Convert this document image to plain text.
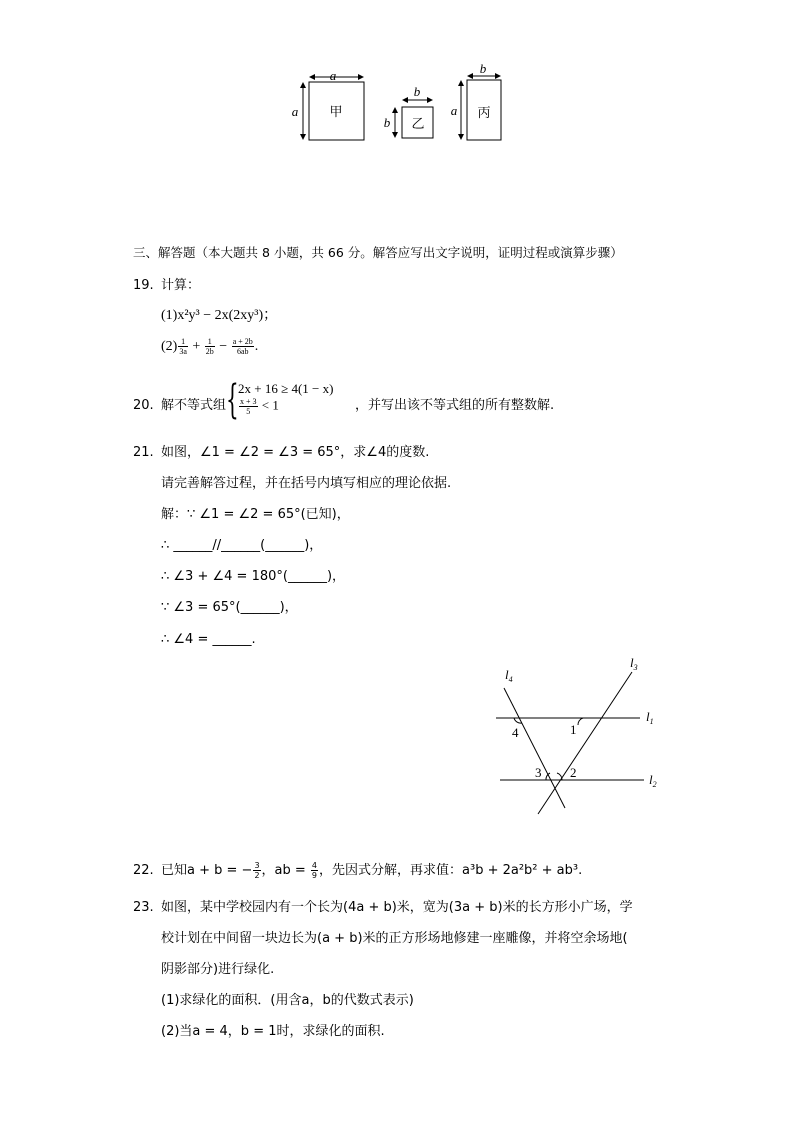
a
a 甲
b
b 乙
b
a 丙
三、解答题（本大题共 8 小题，共 66 分。解答应写出文字说明，证明过程或演算步骤）
19. 计算：
(1)x²y³ − 2x(2xy³)；
$(2) \frac{1}{3a} + \frac{1}{2b} - \frac{a + 2b}{6ab}$ .
20. 解不等式组 { 2x + 16 ≥ 4(1 − x)
$\frac{x + 3}{5} < 1$	，并写出该不等式组的所有整数解.
21. 如图，∠1 = ∠2 = ∠3 = 65°，求∠4的度数.
请完善解答过程，并在括号内填写相应的理论依据.
解：∵ ∠1 = ∠2 = 65°(已知)，
∴ ______//______(______)，
∴ ∠3 + ∠4 = 180°(______)，
∵ ∠3 = 65°(______)，
∴ ∠4 = ______.
$l_4$
$l_3$
$l_1$
$l_2$
4	1
3 2
22. 已知a + b = − $\frac{3}{2}$ ，ab = $\frac{4}{9}$ ，先因式分解，再求值：a³b + 2a²b² + ab³.
23. 如图，某中学校园内有一个长为(4a + b)米，宽为(3a + b)米的长方形小广场，学
校计划在中间留一块边长为(a + b)米的正方形场地修建一座雕像，并将空余场地(
阴影部分)进行绿化.
(1)求绿化的面积．(用含a，b的代数式表示)
(2)当a = 4，b = 1时，求绿化的面积.
